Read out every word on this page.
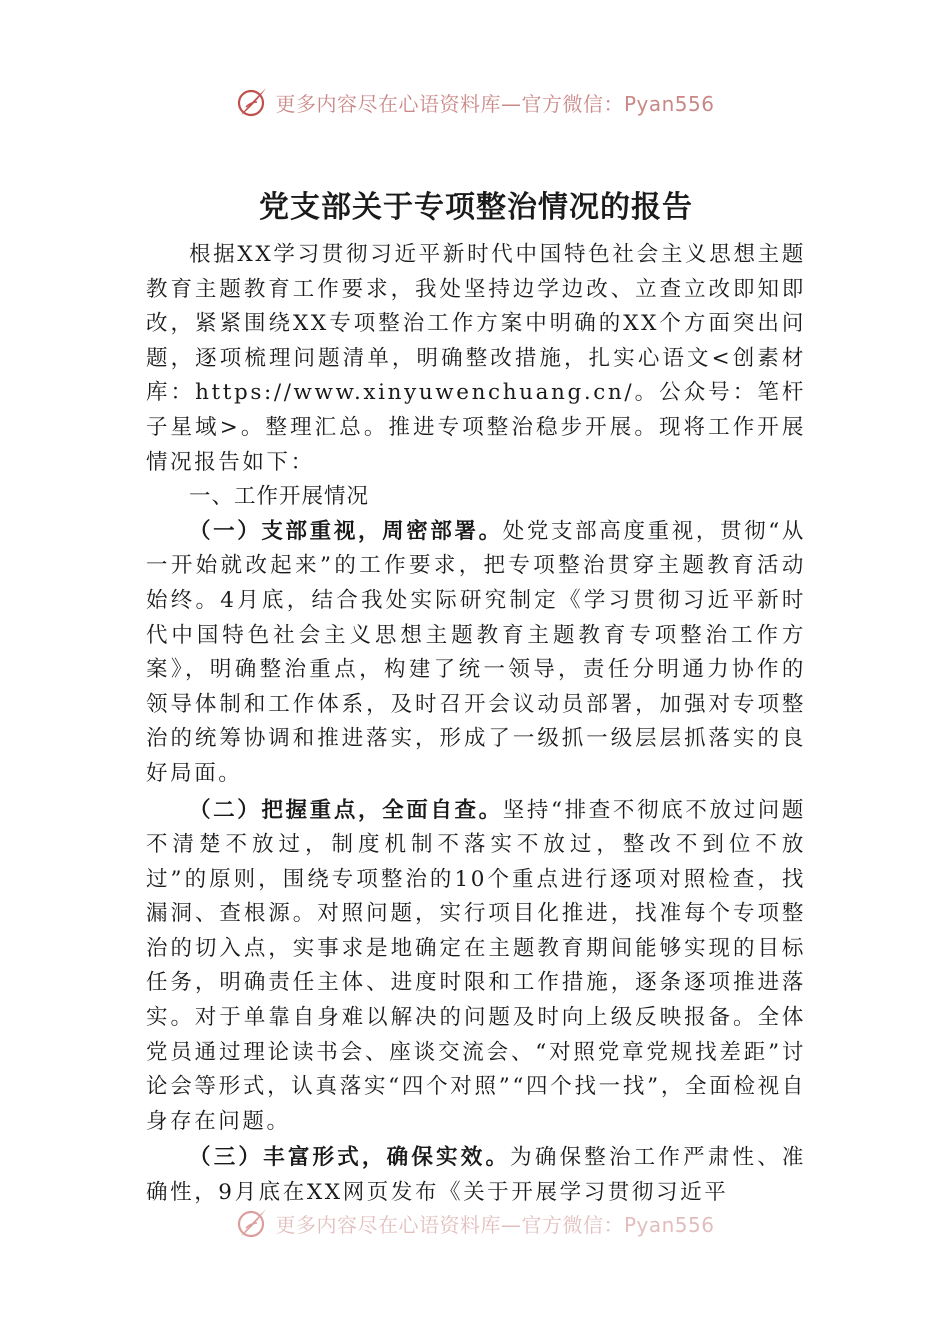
更多内容尽在心语资料库—官方微信：Pyan556
党支部关于专项整治情况的报告

根据XX学习贯彻习近平新时代中国特色社会主义思想主题教育主题教育工作要求，我处坚持边学边改、立查立改即知即改，紧紧围绕XX专项整治工作方案中明确的XX个方面突出问题，逐项梳理问题清单，明确整改措施，扎实心语文<创素材库：https://www.xinyuwenchuang.cn/。公众号：笔杆子星域>。整理汇总。推进专项整治稳步开展。现将工作开展情况报告如下：

一、工作开展情况

（一）支部重视，周密部署。处党支部高度重视，贯彻“从一开始就改起来”的工作要求，把专项整治贯穿主题教育活动始终。4月底，结合我处实际研究制定《学习贯彻习近平新时代中国特色社会主义思想主题教育主题教育专项整治工作方案》，明确整治重点，构建了统一领导，责任分明通力协作的领导体制和工作体系，及时召开会议动员部署，加强对专项整治的统筹协调和推进落实，形成了一级抓一级层层抓落实的良好局面。

（二）把握重点，全面自查。坚持“排查不彻底不放过问题不清楚不放过，制度机制不落实不放过，整改不到位不放过”的原则，围绕专项整治的10个重点进行逐项对照检查，找漏洞、查根源。对照问题，实行项目化推进，找准每个专项整治的切入点，实事求是地确定在主题教育期间能够实现的目标任务，明确责任主体、进度时限和工作措施，逐条逐项推进落实。对于单靠自身难以解决的问题及时向上级反映报备。全体党员通过理论读书会、座谈交流会、“对照党章党规找差距”讨论会等形式，认真落实“四个对照”“四个找一找”，全面检视自身存在问题。

（三）丰富形式，确保实效。为确保整治工作严肃性、准确性，9月底在XX网页发布《关于开展学习贯彻习近平

更多内容尽在心语资料库—官方微信：Pyan556
